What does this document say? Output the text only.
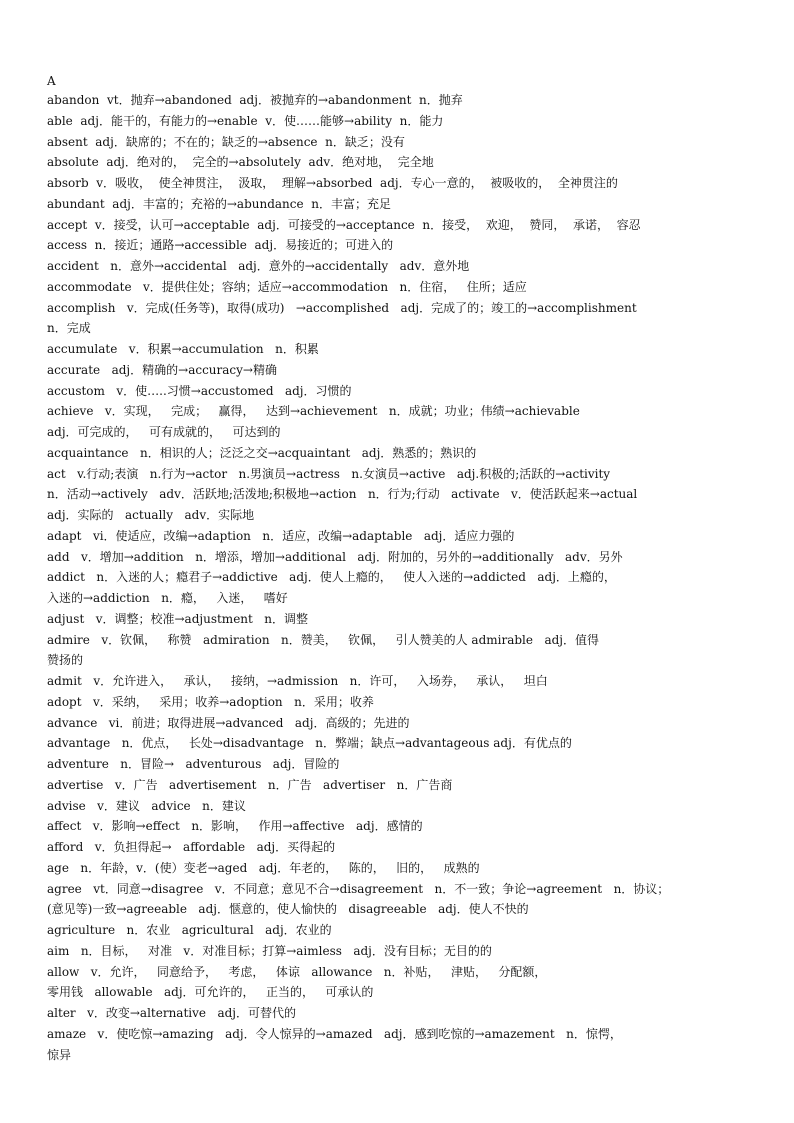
A
abandon  vt．抛弃→abandoned  adj．被抛弃的→abandonment  n．抛弃
able  adj．能干的，有能力的→enable  v．使……能够→ability  n．能力
absent  adj．缺席的；不在的；缺乏的→absence  n．缺乏；没有
absolute  adj．绝对的，  完全的→absolutely  adv．绝对地，  完全地
absorb  v．吸收，  使全神贯注，  汲取，  理解→absorbed  adj．专心一意的，  被吸收的，  全神贯注的
abundant  adj．丰富的；充裕的→abundance  n．丰富；充足
accept  v．接受，认可→acceptable  adj．可接受的→acceptance  n．接受，  欢迎，  赞同，  承诺，  容忍
access  n．接近；通路→accessible  adj．易接近的；可进入的
accident   n．意外→accidental   adj．意外的→accidentally   adv．意外地
accommodate   v．提供住处；容纳；适应→accommodation   n．住宿，   住所；适应
accomplish   v．完成(任务等)，取得(成功)   →accomplished   adj．完成了的；竣工的→accomplishment
n．完成
accumulate   v．积累→accumulation   n．积累
accurate   adj．精确的→accuracy→精确
accustom   v．使…..习惯→accustomed   adj．习惯的
achieve   v．实现，   完成；   赢得，   达到→achievement   n．成就；功业；伟绩→achievable
adj．可完成的，   可有成就的，   可达到的
acquaintance   n．相识的人；泛泛之交→acquaintant   adj．熟悉的；熟识的
act   v.行动;表演   n.行为→actor   n.男演员→actress   n.女演员→active   adj.积极的;活跃的→activity
n．活动→actively   adv．活跃地;活泼地;积极地→action   n．行为;行动   activate   v．使活跃起来→actual
adj．实际的   actually   adv．实际地
adapt   vi．使适应，改编→adaption   n．适应，改编→adaptable   adj．适应力强的
add   v．增加→addition   n．增添，增加→additional   adj．附加的，另外的→additionally   adv．另外
addict   n．入迷的人；瘾君子→addictive   adj．使人上瘾的，   使人入迷的→addicted   adj．上瘾的，
入迷的→addiction   n．瘾，   入迷，   嗜好
adjust   v．调整；校准→adjustment   n．调整
admire   v．钦佩，   称赞   admiration   n．赞美，   钦佩，   引人赞美的人 admirable   adj．值得
赞扬的
admit   v．允许进入，   承认，   接纳，→admission   n．许可，   入场券，   承认，   坦白
adopt   v．采纳，   采用；收养→adoption   n．采用；收养
advance   vi．前进；取得进展→advanced   adj．高级的；先进的
advantage   n．优点，   长处→disadvantage   n．弊端；缺点→advantageous adj．有优点的
adventure   n．冒险→   adventurous   adj．冒险的
advertise   v．广告   advertisement   n．广告   advertiser   n．广告商
advise   v．建议   advice   n．建议
affect   v．影响→effect   n．影响，   作用→affective   adj．感情的
afford   v．负担得起→   affordable   adj．买得起的
age   n．年龄，v．(使）变老→aged   adj．年老的，   陈的，   旧的，   成熟的
agree   vt．同意→disagree   v．不同意；意见不合→disagreement   n．不一致；争论→agreement   n．协议；
(意见等)一致→agreeable   adj．惬意的，使人愉快的   disagreeable   adj．使人不快的
agriculture   n．农业   agricultural   adj．农业的
aim   n．目标，   对准   v．对准目标；打算→aimless   adj．没有目标；无目的的
allow   v．允许，   同意给予，   考虑，   体谅   allowance   n．补贴，   津贴，   分配额，
零用钱   allowable   adj．可允许的，   正当的，   可承认的
alter   v．改变→alternative   adj．可替代的
amaze   v．使吃惊→amazing   adj．令人惊异的→amazed   adj．感到吃惊的→amazement   n．惊愕，
惊异
